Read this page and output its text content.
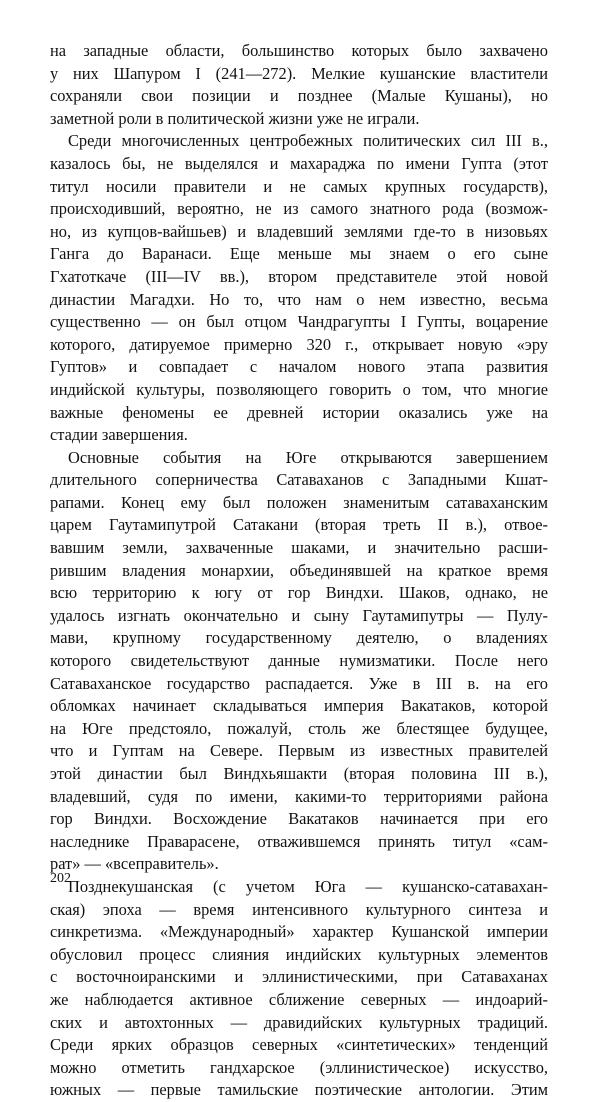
на западные области, большинство которых было захвачено
у них Шапуром I (241—272). Мелкие кушанские властители
сохраняли свои позиции и позднее (Малые Кушаны), но
заметной роли в политической жизни уже не играли.
Среди многочисленных центробежных политических сил III в.,
казалось бы, не выделялся и махараджа по имени Гупта (этот
титул носили правители и не самых крупных государств),
происходивший, вероятно, не из самого знатного рода (возмож-
но, из купцов-вайшьев) и владевший землями где-то в низовьях
Ганга до Варанаси. Еще меньше мы знаем о его сыне
Гхатоткаче (III—IV вв.), втором представителе этой новой
династии Магадхи. Но то, что нам о нем известно, весьма
существенно — он был отцом Чандрагупты I Гупты, воцарение
которого, датируемое примерно 320 г., открывает новую «эру
Гуптов» и совпадает с началом нового этапа развития
индийской культуры, позволяющего говорить о том, что многие
важные феномены ее древней истории оказались уже на
стадии завершения.
Основные события на Юге открываются завершением
длительного соперничества Сатаваханов с Западными Кшат-
рапами. Конец ему был положен знаменитым сатаваханским
царем Гаутамипутрой Сатакани (вторая треть II в.), отвое-
вавшим земли, захваченные шаками, и значительно расши-
рившим владения монархии, объединявшей на краткое время
всю территорию к югу от гор Виндхи. Шаков, однако, не
удалось изгнать окончательно и сыну Гаутамипутры — Пулу-
мави, крупному государственному деятелю, о владениях
которого свидетельствуют данные нумизматики. После него
Сатаваханское государство распадается. Уже в III в. на его
обломках начинает складываться империя Вакатаков, которой
на Юге предстояло, пожалуй, столь же блестящее будущее,
что и Гуптам на Севере. Первым из известных правителей
этой династии был Виндхьяшакти (вторая половина III в.),
владевший, судя по имени, какими-то территориями района
гор Виндхи. Восхождение Вакатаков начинается при его
наследнике Праварасене, отважившемся принять титул «сам-
рат» — «всеправитель».
Позднекушанская (с учетом Юга — кушанско-сатавахан-
ская) эпоха — время интенсивного культурного синтеза и
синкретизма. «Международный» характер Кушанской империи
обусловил процесс слияния индийских культурных элементов
с восточноиранскими и эллинистическими, при Сатаваханах
же наблюдается активное сближение северных — индоарий-
ских и автохтонных — дравидийских культурных традиций.
Среди ярких образцов северных «синтетических» тенденций
можно отметить гандхарское (эллинистическое) искусство,
южных — первые тамильские поэтические антологии. Этим
202
